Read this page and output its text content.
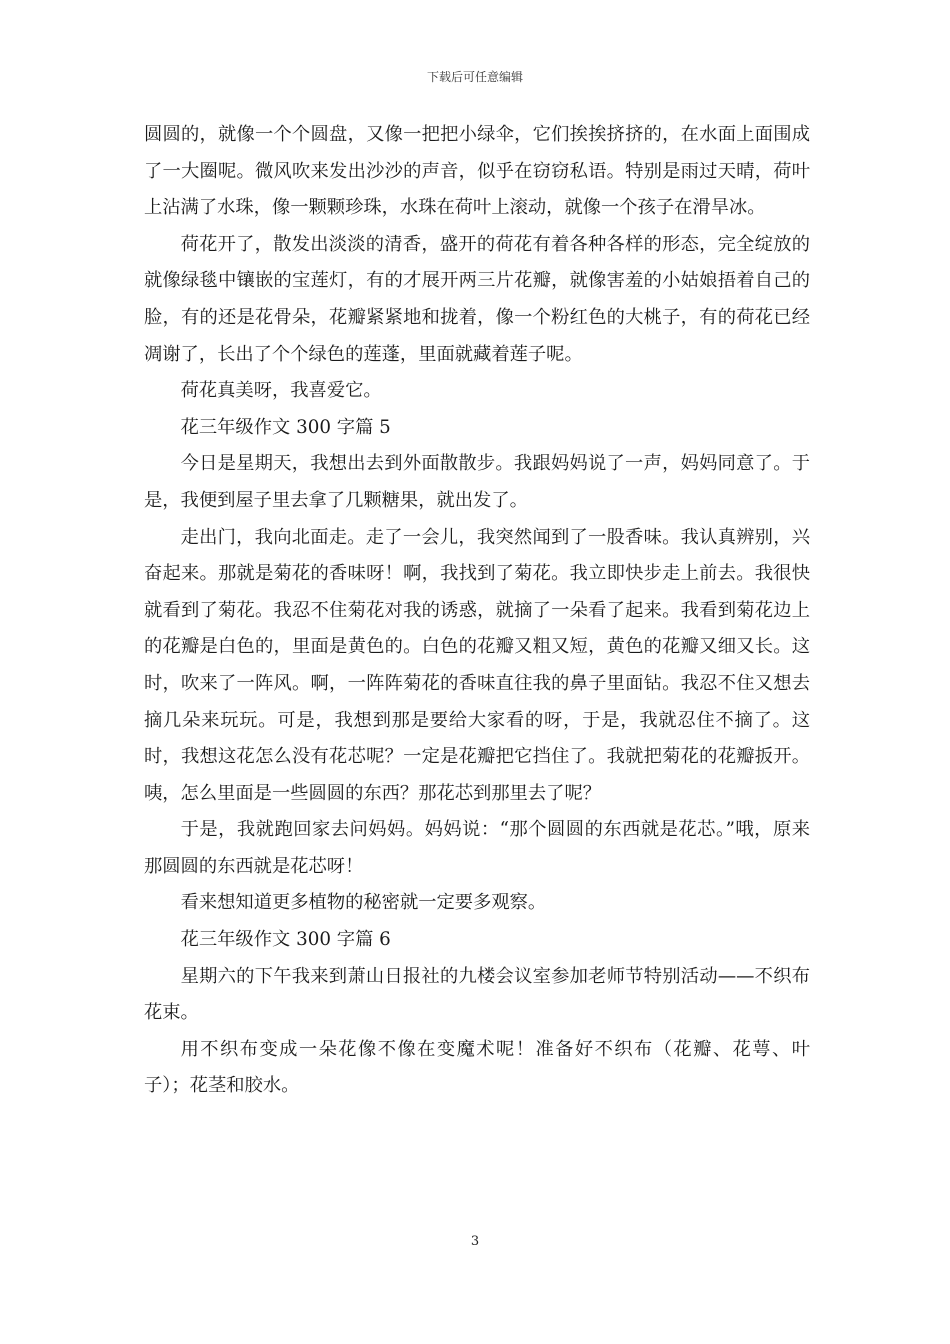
下载后可任意编辑

圆圆的，就像一个个圆盘，又像一把把小绿伞，它们挨挨挤挤的，在水面上面围成了一大圈呢。微风吹来发出沙沙的声音，似乎在窃窃私语。特别是雨过天晴，荷叶上沾满了水珠，像一颗颗珍珠，水珠在荷叶上滚动，就像一个孩子在滑旱冰。

荷花开了，散发出淡淡的清香，盛开的荷花有着各种各样的形态，完全绽放的就像绿毯中镶嵌的宝莲灯，有的才展开两三片花瓣，就像害羞的小姑娘捂着自己的脸，有的还是花骨朵，花瓣紧紧地和拢着，像一个粉红色的大桃子，有的荷花已经凋谢了，长出了个个绿色的莲蓬，里面就藏着莲子呢。

荷花真美呀，我喜爱它。

花三年级作文 300 字篇 5

今日是星期天，我想出去到外面散散步。我跟妈妈说了一声，妈妈同意了。于是，我便到屋子里去拿了几颗糖果，就出发了。

走出门，我向北面走。走了一会儿，我突然闻到了一股香味。我认真辨别，兴奋起来。那就是菊花的香味呀！啊，我找到了菊花。我立即快步走上前去。我很快就看到了菊花。我忍不住菊花对我的诱惑，就摘了一朵看了起来。我看到菊花边上的花瓣是白色的，里面是黄色的。白色的花瓣又粗又短，黄色的花瓣又细又长。这时，吹来了一阵风。啊，一阵阵菊花的香味直往我的鼻子里面钻。我忍不住又想去摘几朵来玩玩。可是，我想到那是要给大家看的呀，于是，我就忍住不摘了。这时，我想这花怎么没有花芯呢？一定是花瓣把它挡住了。我就把菊花的花瓣扳开。咦，怎么里面是一些圆圆的东西？那花芯到那里去了呢？

于是，我就跑回家去问妈妈。妈妈说：“那个圆圆的东西就是花芯。”哦，原来那圆圆的东西就是花芯呀！

看来想知道更多植物的秘密就一定要多观察。

花三年级作文 300 字篇 6

星期六的下午我来到萧山日报社的九楼会议室参加老师节特别活动——不织布花束。

用不织布变成一朵花像不像在变魔术呢！准备好不织布（花瓣、花萼、叶子）；花茎和胶水。

3
